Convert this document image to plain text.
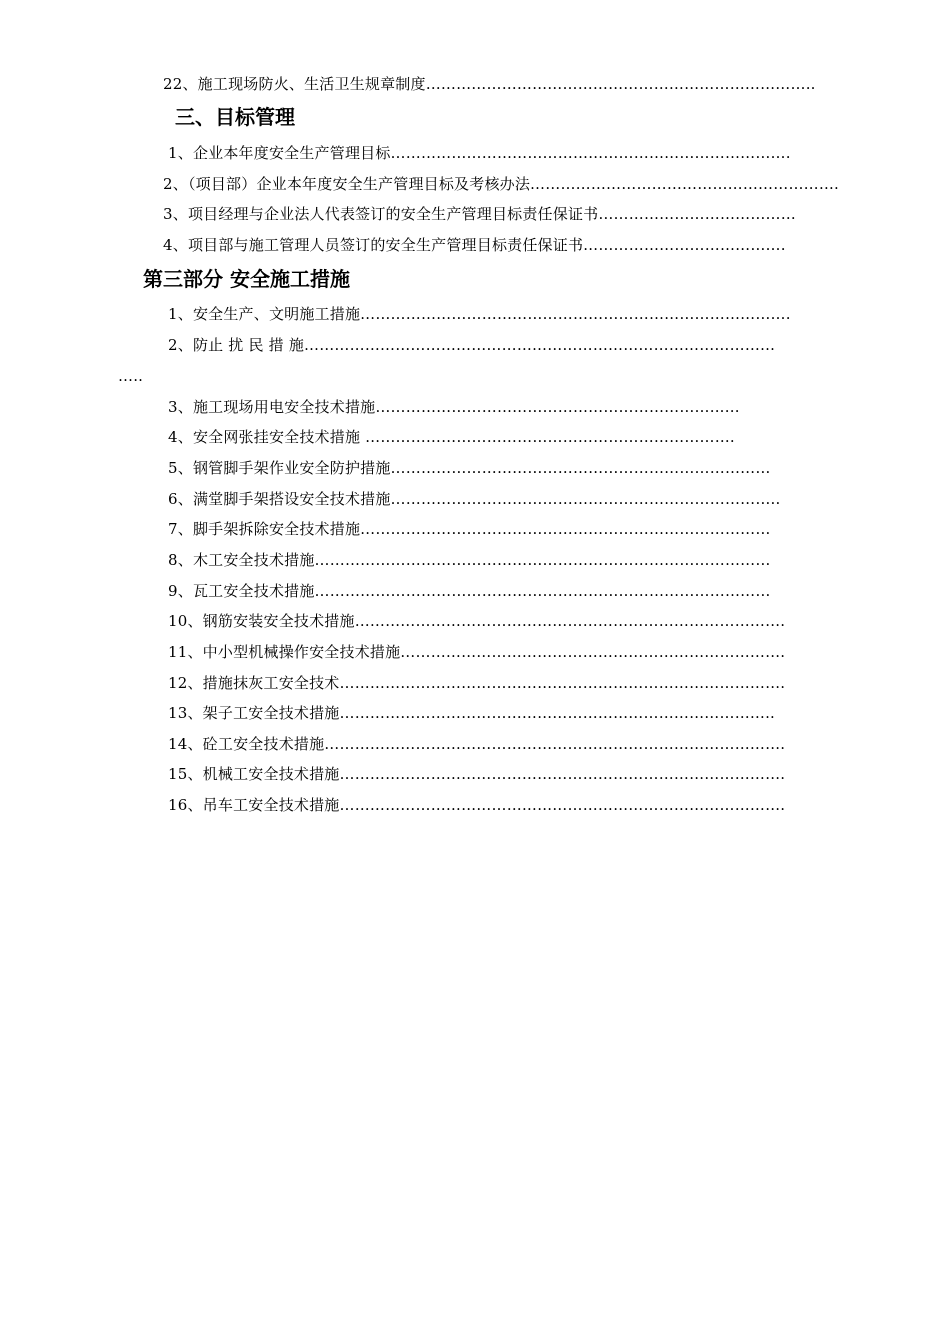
22、施工现场防火、生活卫生规章制度…………………………………………………………………..
三、目标管理
1、企业本年度安全生产管理目标…………………………………………………………………….
2、（项目部）企业本年度安全生产管理目标及考核办法…………………………………………………….
3、项目经理与企业法人代表签订的安全生产管理目标责任保证书…………………………………
4、项目部与施工管理人员签订的安全生产管理目标责任保证书………………………………….
第三部分 安全施工措施
1、安全生产、文明施工措施………………………………………………………………………….
2、防止 扰 民 措 施…………………………………………………………………………………
…..
3、施工现场用电安全技术措施…………………………………………………………...…
4、安全网张挂安全技术措施 ……………………………………………………………….
5、钢管脚手架作业安全防护措施…………………………………………………………………
6、满堂脚手架搭设安全技术措施…………………………………………………………………..
7、脚手架拆除安全技术措施………………………………………………………………………
8、木工安全技术措施………………………………………………………………………………
9、瓦工安全技术措施………………………………………………………………………………
10、钢筋安装安全技术措施………………………………………………………………………….
11、中小型机械操作安全技术措施………………………………………………………………….
12、措施抹灰工安全技术…………………………………………………………………………….
13、架子工安全技术措施…………………………………………………………………………..
14、砼工安全技术措施……………………………………………………………………………….
15、机械工安全技术措施…………………………………………………………………………….
16、吊车工安全技术措施…………………………………………………………………………….
